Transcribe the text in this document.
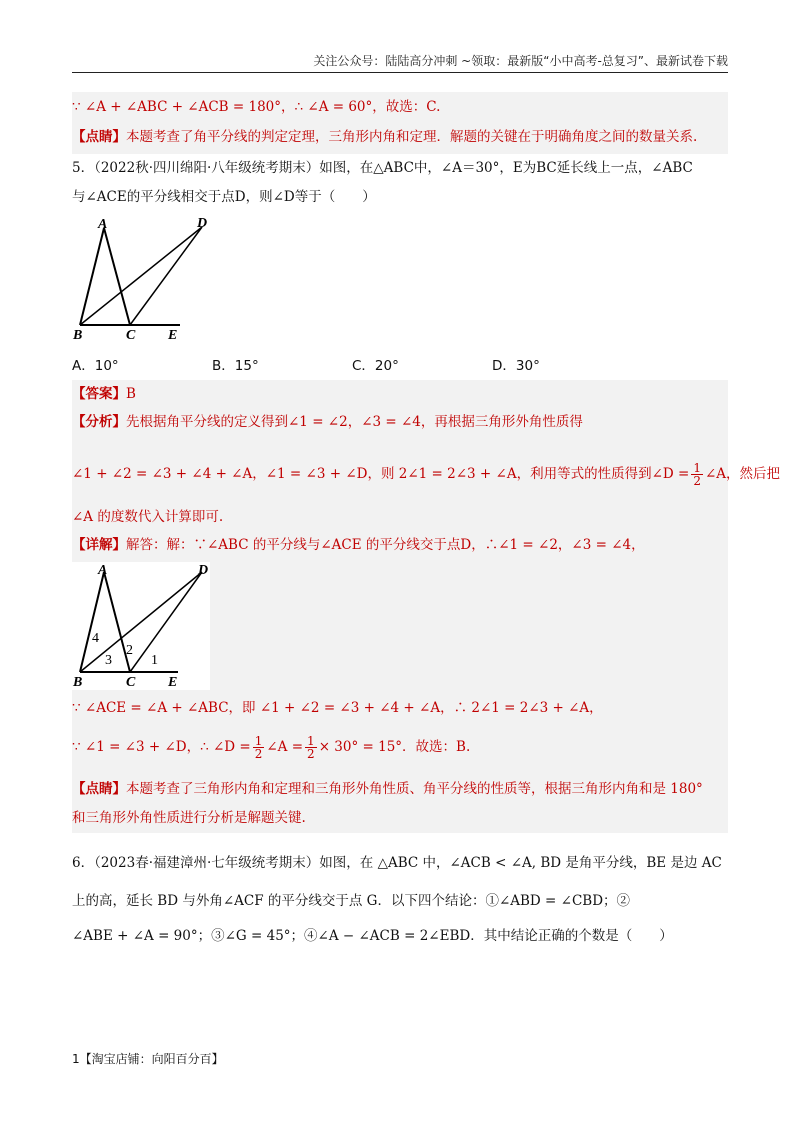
关注公众号：陆陆高分冲刺 ~领取：最新版“小中高考-总复习”、最新试卷下载
∵ ∠A + ∠ABC + ∠ACB = 180°，∴ ∠A = 60°，故选：C.
【点睛】本题考查了角平分线的判定定理，三角形内角和定理．解题的关键在于明确角度之间的数量关系.
5．（2022秋·四川绵阳·八年级统考期末）如图，在△ABC中，∠A＝30°，E为BC延长线上一点，∠ABC
与∠ACE的平分线相交于点D，则∠D等于（　　）
A	D
B	C E
A．10°	B．15°	C．20°	D．30°
【答案】B
【分析】先根据角平分线的定义得到∠1 = ∠2，∠3 = ∠4，再根据三角形外角性质得
∠1 + ∠2 = ∠3 + ∠4 + ∠A，∠1 = ∠3 + ∠D，则 2∠1 = 2∠3 + ∠A，利用等式的性质得到∠D = $\frac{1}{2}$ ∠A，然后把
∠A 的度数代入计算即可.
【详解】解答：解：∵∠ABC 的平分线与∠ACE 的平分线交于点D，∴∠1 = ∠2，∠3 = ∠4，
A	D
B	C E
4
3
2
1
∵ ∠ACE = ∠A + ∠ABC，即 ∠1 + ∠2 = ∠3 + ∠4 + ∠A，∴ 2∠1 = 2∠3 + ∠A，
∵ ∠1 = ∠3 + ∠D，∴ ∠D = $\frac{1}{2}$ ∠A = $\frac{1}{2} \times 30^\circ = 15^\circ$．故选：B.
【点睛】本题考查了三角形内角和定理和三角形外角性质、角平分线的性质等，根据三角形内角和是 180°
和三角形外角性质进行分析是解题关键.
6．（2023春·福建漳州·七年级统考期末）如图，在 △ABC 中，∠ACB < ∠A, BD 是角平分线，BE 是边 AC
上的高，延长 BD 与外角∠ACF 的平分线交于点 G．以下四个结论：①∠ABD = ∠CBD；②
∠ABE + ∠A = 90°；③∠G = 45°；④∠A − ∠ACB = 2∠EBD．其中结论正确的个数是（　　）
1【淘宝店铺：向阳百分百】
